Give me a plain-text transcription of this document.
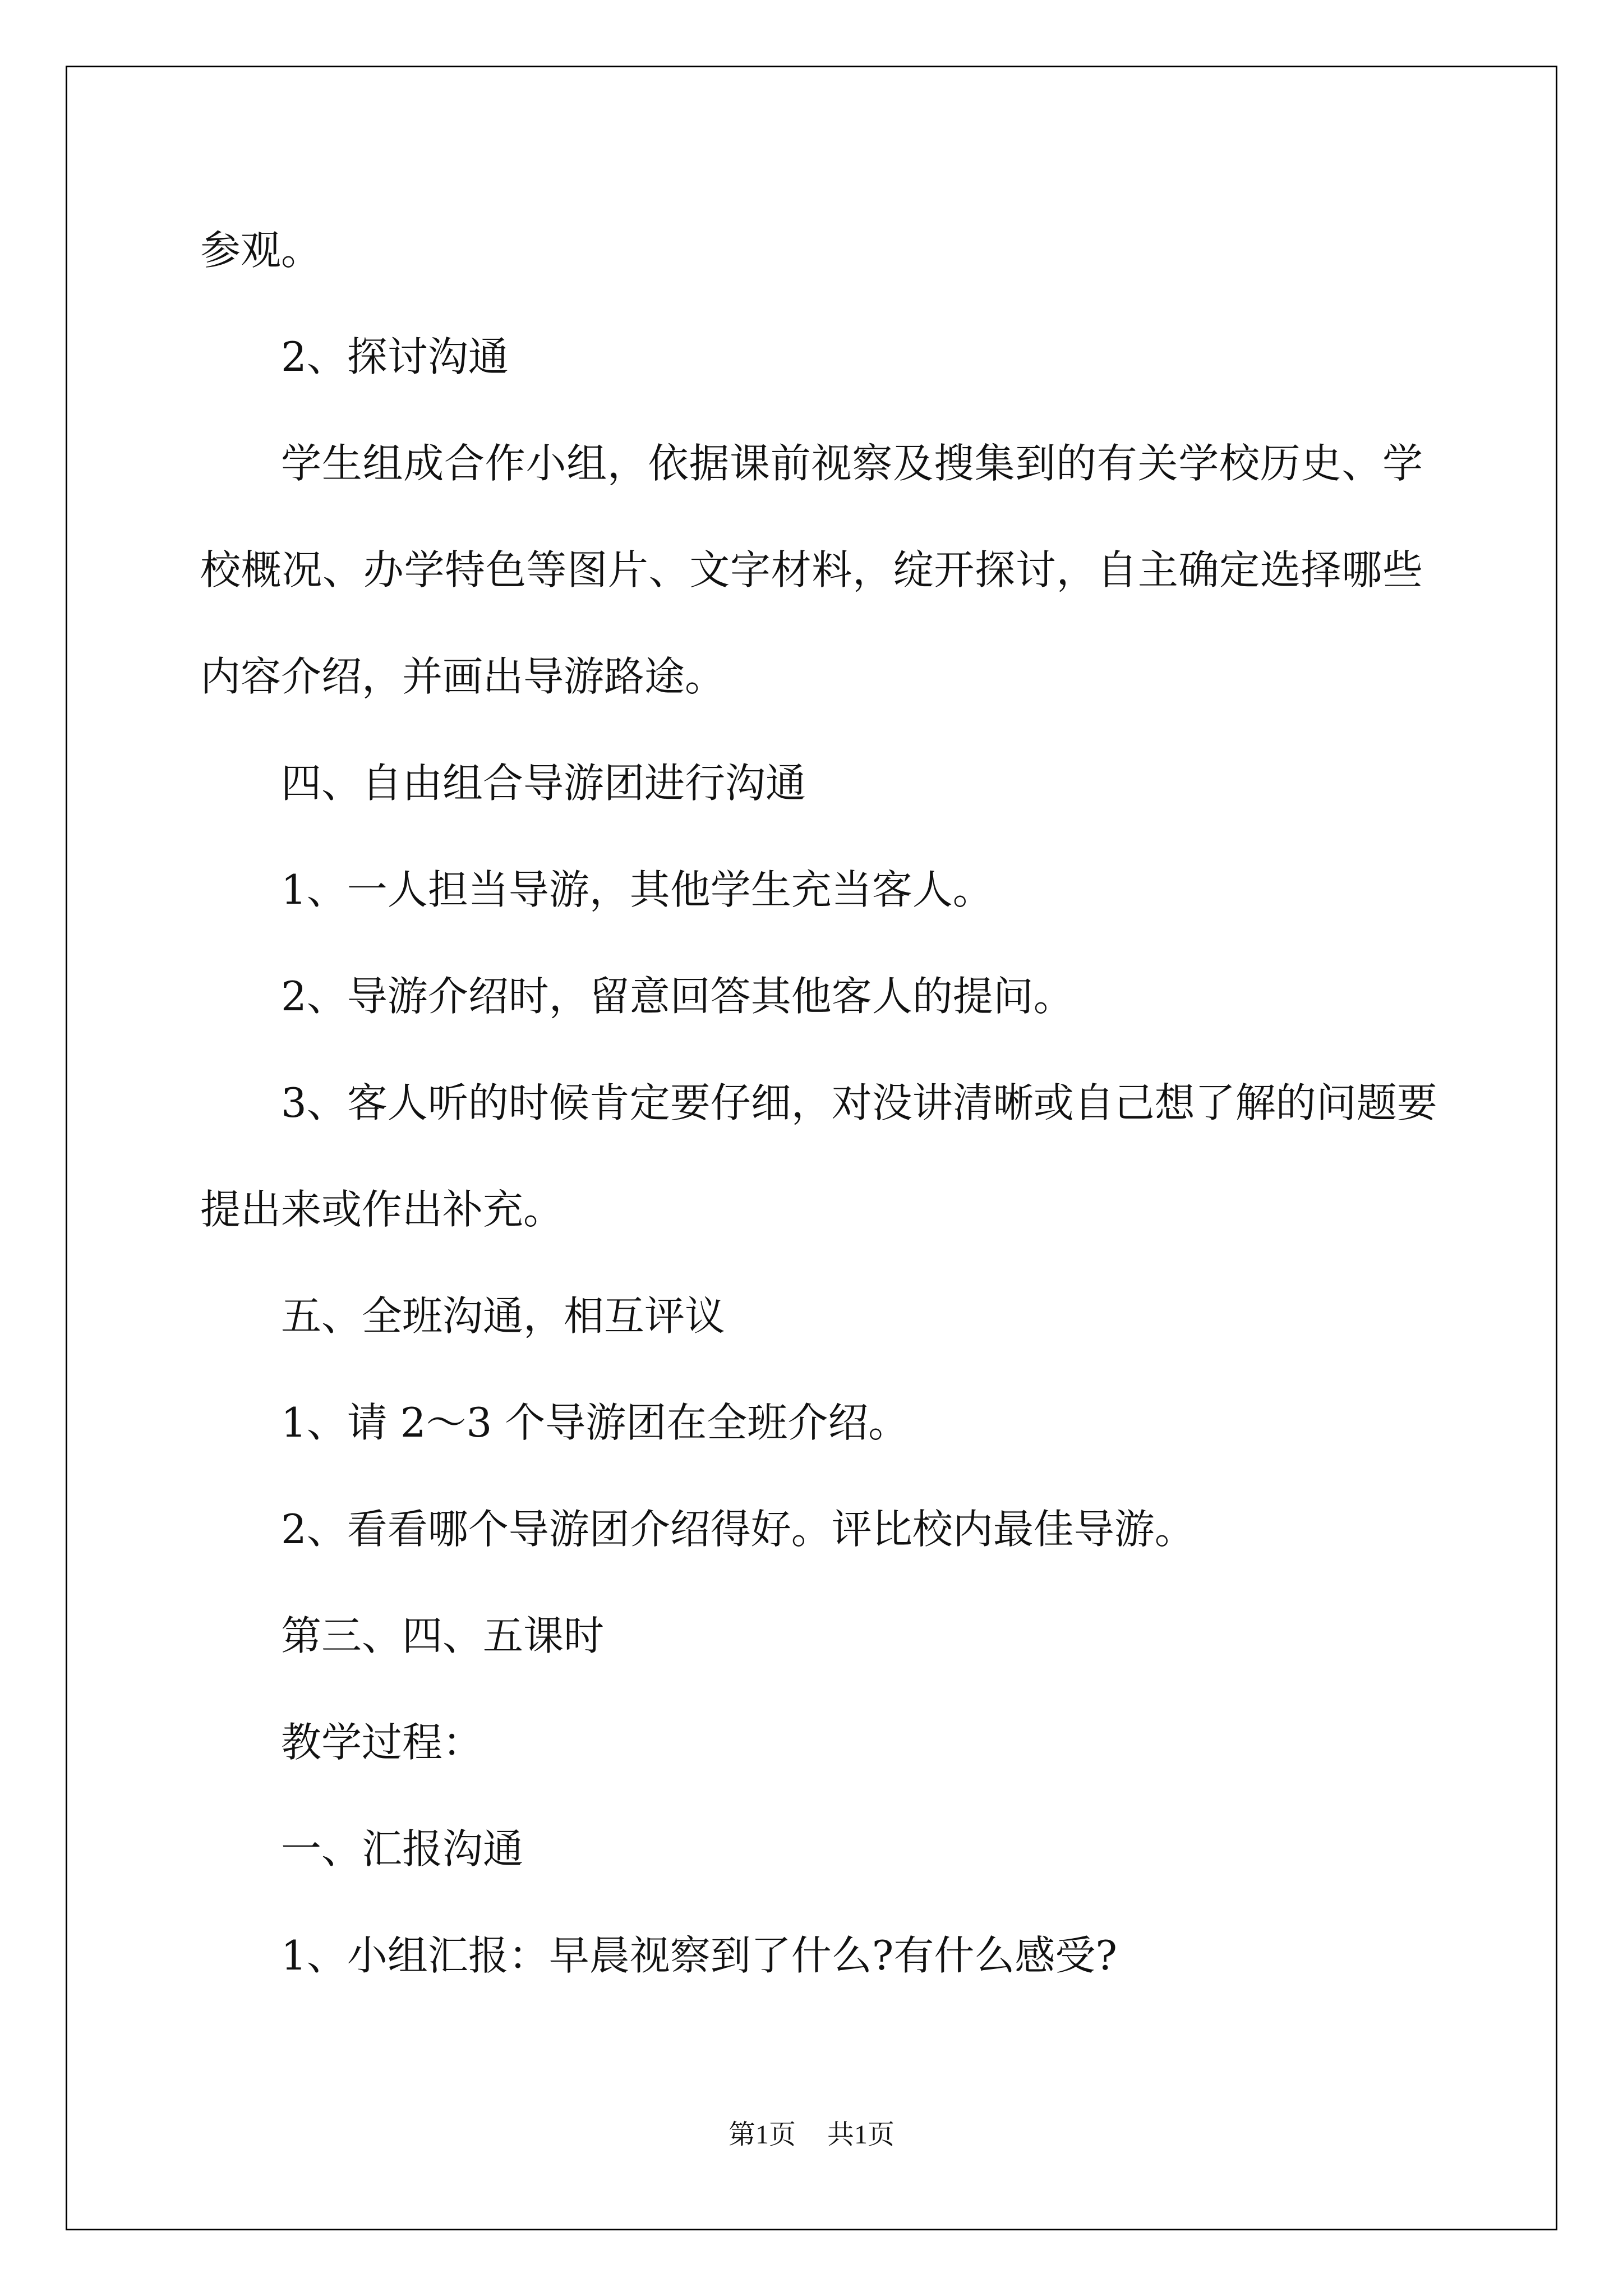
参观。
2、探讨沟通
学生组成合作小组，依据课前视察及搜集到的有关学校历史、学
校概况、办学特色等图片、文字材料，绽开探讨，自主确定选择哪些
内容介绍，并画出导游路途。
四、自由组合导游团进行沟通
1、一人担当导游，其他学生充当客人。
2、导游介绍时，留意回答其他客人的提问。
3、客人听的时候肯定要仔细，对没讲清晰或自己想了解的问题要
提出来或作出补充。
五、全班沟通，相互评议
1、请 2～3 个导游团在全班介绍。
2、看看哪个导游团介绍得好。评比校内最佳导游。
第三、四、五课时
教学过程：
一、汇报沟通
1、小组汇报：早晨视察到了什么?有什么感受?
第1页 共1页
